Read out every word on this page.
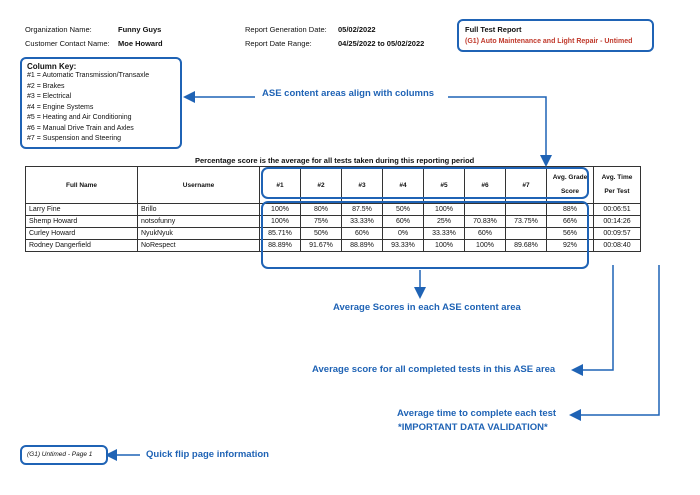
Organization Name:	Funny Guys
Customer Contact Name: Moe Howard
Report Generation Date: 05/02/2022
Report Date Range:	04/25/2022 to 05/02/2022
Full Test Report
(G1) Auto Maintenance and Light Repair - Untimed
Column Key:
#1 = Automatic Transmission/Transaxle
#2 = Brakes
#3 = Electrical
#4 = Engine Systems
#5 = Heating and Air Conditioning
#6 = Manual Drive Train and Axles
#7 = Suspension and Steering
ASE content areas align with columns
Percentage score is the average for all tests taken during this reporting period
Full Name	Username	#1	#2	#3	#4	#5	#6	#7	Avg. Grade Score	Avg. Time Per Test
Larry Fine	Brillo	100%	80%	87.5%	50%	100%			88%	00:06:51
Shemp Howard	notsofunny	100%	75%	33.33%	60%	25%	70.83%	73.75%	66%	00:14:26
Curley Howard	NyukNyuk	85.71%	50%	60%	0%	33.33%	60%		56%	00:09:57
Rodney Dangerfield	NoRespect	88.89%	91.67%	88.89%	93.33%	100%	100%	89.68%	92%	00:08:40
Average Scores in each ASE content area
Average score for all completed tests in this ASE area
Average time to complete each test
*IMPORTANT DATA VALIDATION*
(G1) Untimed - Page 1	Quick flip page information
